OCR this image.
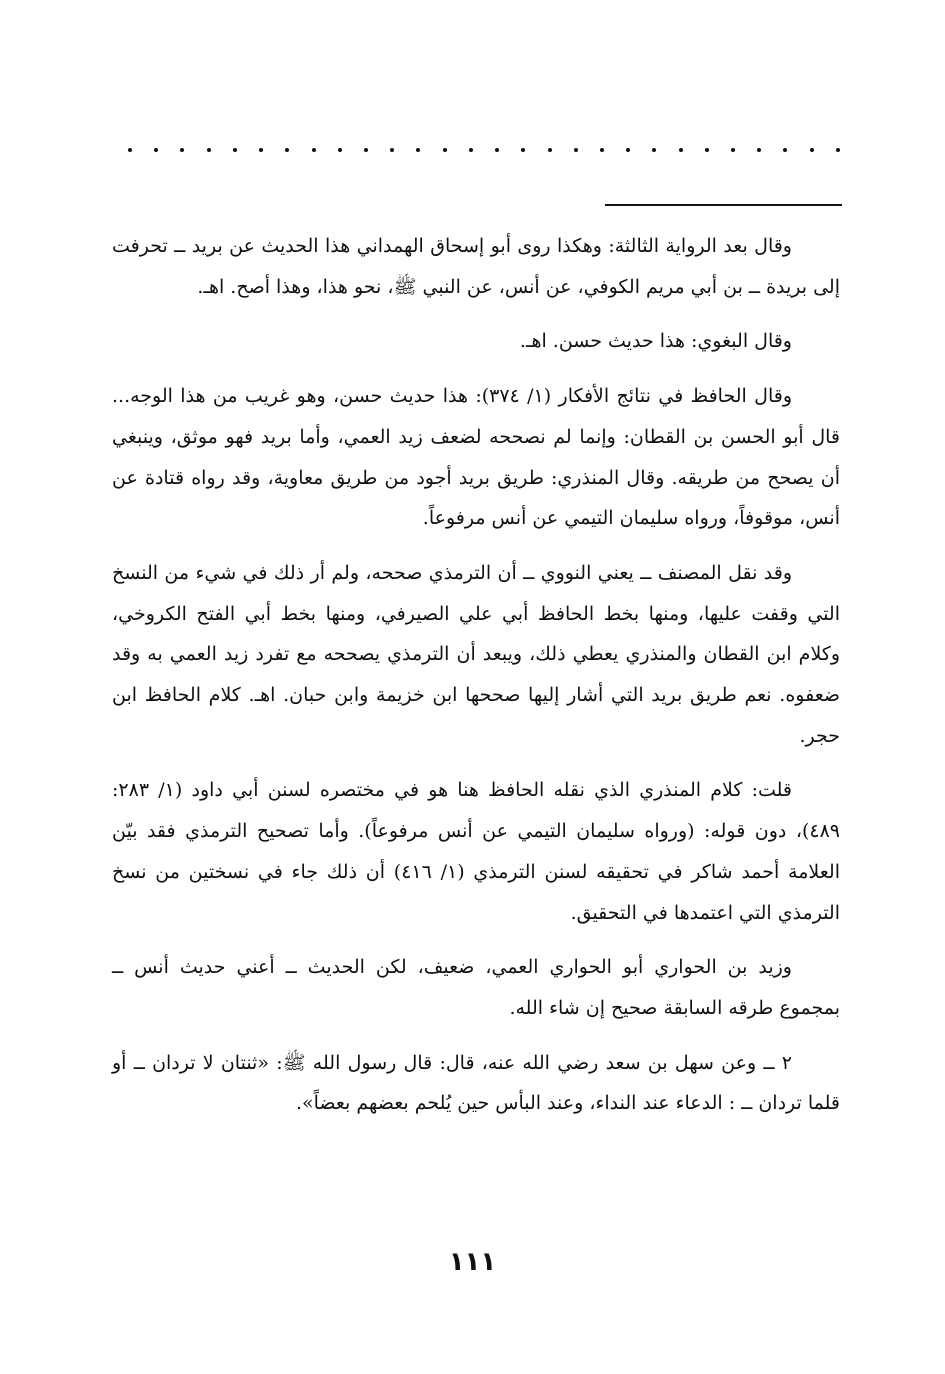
وقال بعد الرواية الثالثة: وهكذا روى أبو إسحاق الهمداني هذا الحديث عن بريد ــ تحرفت إلى بريدة ــ بن أبي مريم الكوفي، عن أنس، عن النبي ﷺ، نحو هذا، وهذا أصح. اهـ.

وقال البغوي: هذا حديث حسن. اهـ.

وقال الحافظ في نتائج الأفكار (١/ ٣٧٤): هذا حديث حسن، وهو غريب من هذا الوجه... قال أبو الحسن بن القطان: وإنما لم نصححه لضعف زيد العمي، وأما بريد فهو موثق، وينبغي أن يصحح من طريقه. وقال المنذري: طريق بريد أجود من طريق معاوية، وقد رواه قتادة عن أنس، موقوفاً، ورواه سليمان التيمي عن أنس مرفوعاً.

وقد نقل المصنف ــ يعني النووي ــ أن الترمذي صححه، ولم أر ذلك في شيء من النسخ التي وقفت عليها، ومنها بخط الحافظ أبي علي الصيرفي، ومنها بخط أبي الفتح الكروخي، وكلام ابن القطان والمنذري يعطي ذلك، ويبعد أن الترمذي يصححه مع تفرد زيد العمي به وقد ضعفوه. نعم طريق بريد التي أشار إليها صححها ابن خزيمة وابن حبان. اهـ. كلام الحافظ ابن حجر.

قلت: كلام المنذري الذي نقله الحافظ هنا هو في مختصره لسنن أبي داود (١/ ٢٨٣: ٤٨٩)، دون قوله: (ورواه سليمان التيمي عن أنس مرفوعاً). وأما تصحيح الترمذي فقد بيّن العلامة أحمد شاكر في تحقيقه لسنن الترمذي (١/ ٤١٦) أن ذلك جاء في نسختين من نسخ الترمذي التي اعتمدها في التحقيق.

وزيد بن الحواري أبو الحواري العمي، ضعيف، لكن الحديث ــ أعني حديث أنس ــ بمجموع طرقه السابقة صحيح إن شاء الله.

٢ ــ وعن سهل بن سعد رضي الله عنه، قال: قال رسول الله ﷺ: «ثنتان لا تردان ــ أو قلما تردان ــ : الدعاء عند النداء، وعند البأس حين يُلحم بعضهم بعضاً».

١١١
